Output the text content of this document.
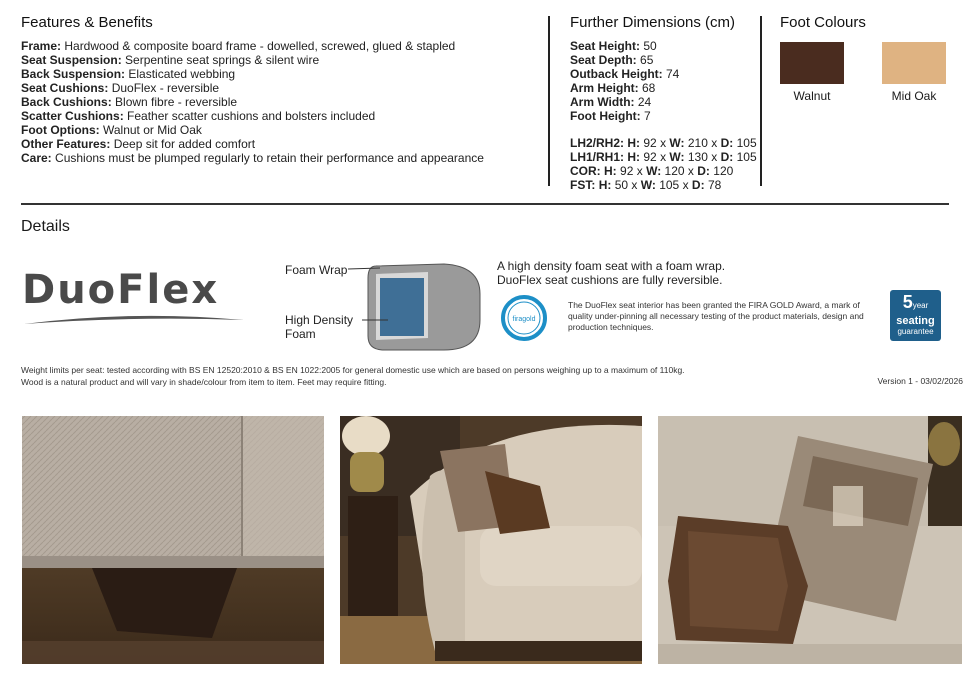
Features & Benefits
Frame: Hardwood & composite board frame - dowelled, screwed, glued & stapled
Seat Suspension: Serpentine seat springs & silent wire
Back Suspension: Elasticated webbing
Seat Cushions: DuoFlex - reversible
Back Cushions: Blown fibre - reversible
Scatter Cushions: Feather scatter cushions and bolsters included
Foot Options: Walnut or Mid Oak
Other Features: Deep sit for added comfort
Care: Cushions must be plumped regularly to retain their performance and appearance
Further Dimensions (cm)
Seat Height: 50
Seat Depth: 65
Outback Height: 74
Arm Height: 68
Arm Width: 24
Foot Height: 7
LH2/RH2: H: 92 x W: 210 x D: 105
LH1/RH1: H: 92 x W: 130 x D: 105
COR: H: 92 x W: 120 x D: 120
FST: H: 50 x W: 105 x D: 78
Foot Colours
Walnut	Mid Oak
Details
DuoFlex	Foam Wrap
High Density
Foam
A high density foam seat with a foam wrap.
DuoFlex seat cushions are fully reversible.
firagold
The DuoFlex seat interior has been granted the FIRA GOLD Award, a mark of quality under-pinning all necessary testing of the product materials, design and production techniques.
5year
seating
guarantee
Weight limits per seat: tested according with BS EN 12520:2010 & BS EN 1022:2005 for general domestic use which are based on persons weighing up to a maximum of 110kg.
Wood is a natural product and will vary in shade/colour from item to item. Feet may require fitting.	Version 1 - 03/02/2026
